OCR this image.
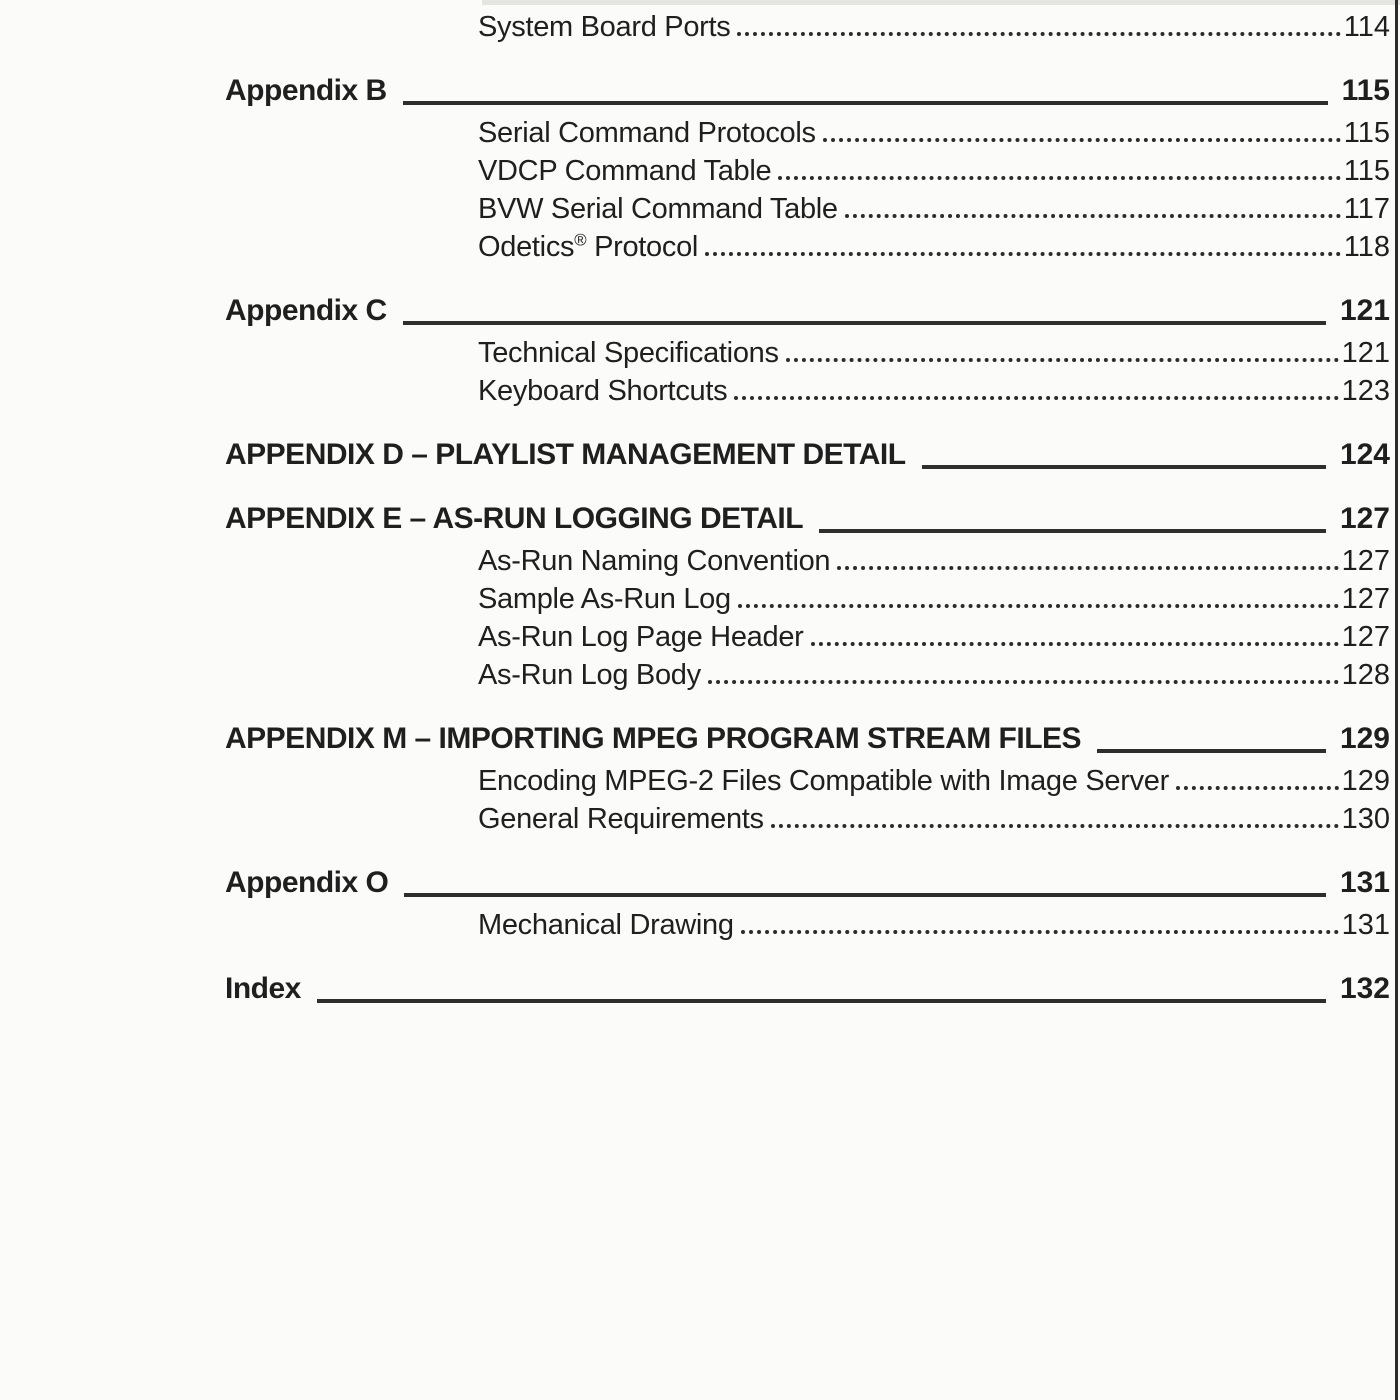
System Board Ports	114
Appendix B	115
Serial Command Protocols	115
VDCP Command Table	115
BVW Serial Command Table	117
Odetics® Protocol	118
Appendix C	121
Technical Specifications	121
Keyboard Shortcuts	123
APPENDIX D – PLAYLIST MANAGEMENT DETAIL	124
APPENDIX E – AS-RUN LOGGING DETAIL	127
As-Run Naming Convention	127
Sample As-Run Log	127
As-Run Log Page Header	127
As-Run Log Body	128
APPENDIX M – IMPORTING MPEG PROGRAM STREAM FILES	129
Encoding MPEG-2 Files Compatible with Image Server	129
General Requirements	130
Appendix O	131
Mechanical Drawing	131
Index	132
